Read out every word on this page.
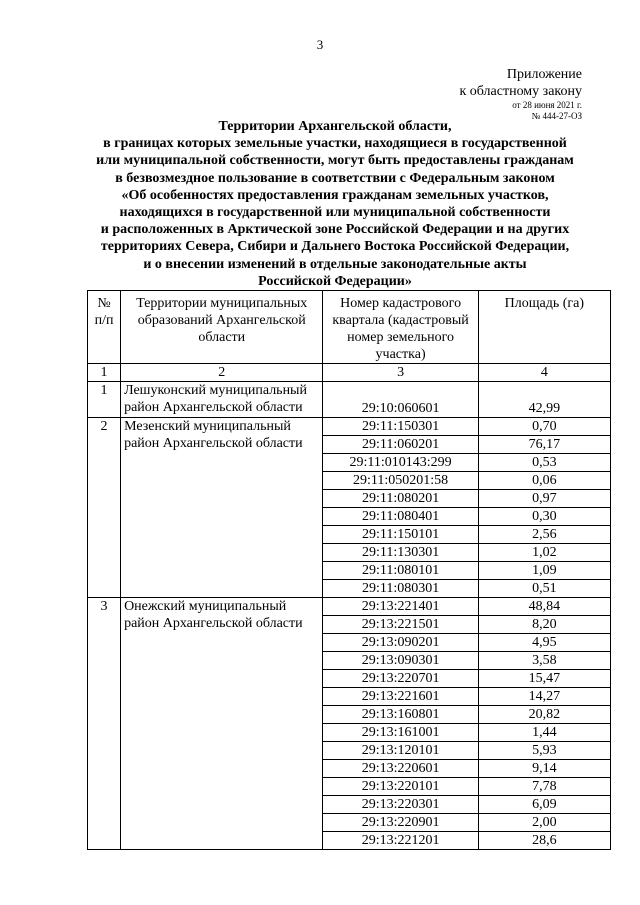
3
Приложение
к областному закону
от 28 июня 2021 г.
№ 444-27-ОЗ
Территории Архангельской области,
в границах которых земельные участки, находящиеся в государственной
или муниципальной собственности, могут быть предоставлены гражданам
в безвозмездное пользование в соответствии с Федеральным законом
«Об особенностях предоставления гражданам земельных участков,
находящихся в государственной или муниципальной собственности
и расположенных в Арктической зоне Российской Федерации и на других
территориях Севера, Сибири и Дальнего Востока Российской Федерации,
и о внесении изменений в отдельные законодательные акты
Российской Федерации»
№ п/п	Территории муниципальных образований Архангельской области	Номер кадастрового квартала (кадастровый номер земельного участка)	Площадь (га)
1	2	3	4
1	Лешуконский муниципальный район Архангельской области	29:10:060601	42,99
2	Мезенский муниципальный район Архангельской области	29:11:150301	0,70
		29:11:060201	76,17
		29:11:010143:299	0,53
		29:11:050201:58	0,06
		29:11:080201	0,97
		29:11:080401	0,30
		29:11:150101	2,56
		29:11:130301	1,02
		29:11:080101	1,09
		29:11:080301	0,51
3	Онежский муниципальный район Архангельской области	29:13:221401	48,84
		29:13:221501	8,20
		29:13:090201	4,95
		29:13:090301	3,58
		29:13:220701	15,47
		29:13:221601	14,27
		29:13:160801	20,82
		29:13:161001	1,44
		29:13:120101	5,93
		29:13:220601	9,14
		29:13:220101	7,78
		29:13:220301	6,09
		29:13:220901	2,00
		29:13:221201	28,6
